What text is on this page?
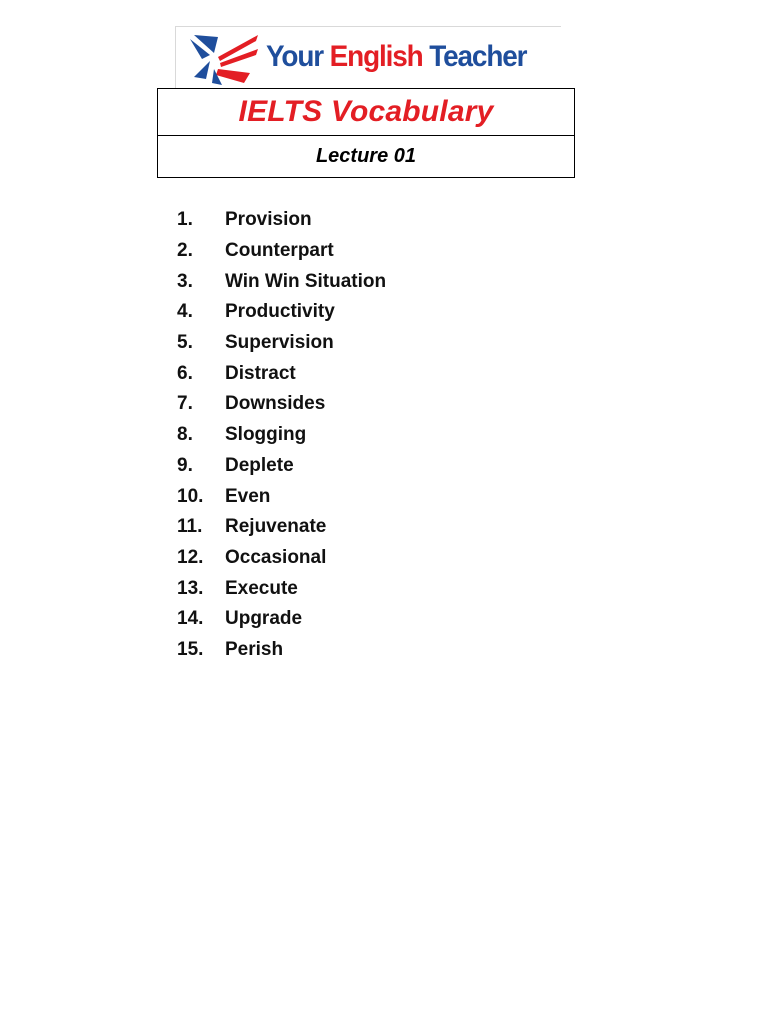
Your English Teacher
IELTS Vocabulary
Lecture 01
1.	Provision
2.	Counterpart
3.	Win Win Situation
4.	Productivity
5.	Supervision
6.	Distract
7.	Downsides
8.	Slogging
9.	Deplete
10.	Even
11.	Rejuvenate
12.	Occasional
13.	Execute
14.	Upgrade
15.	Perish
